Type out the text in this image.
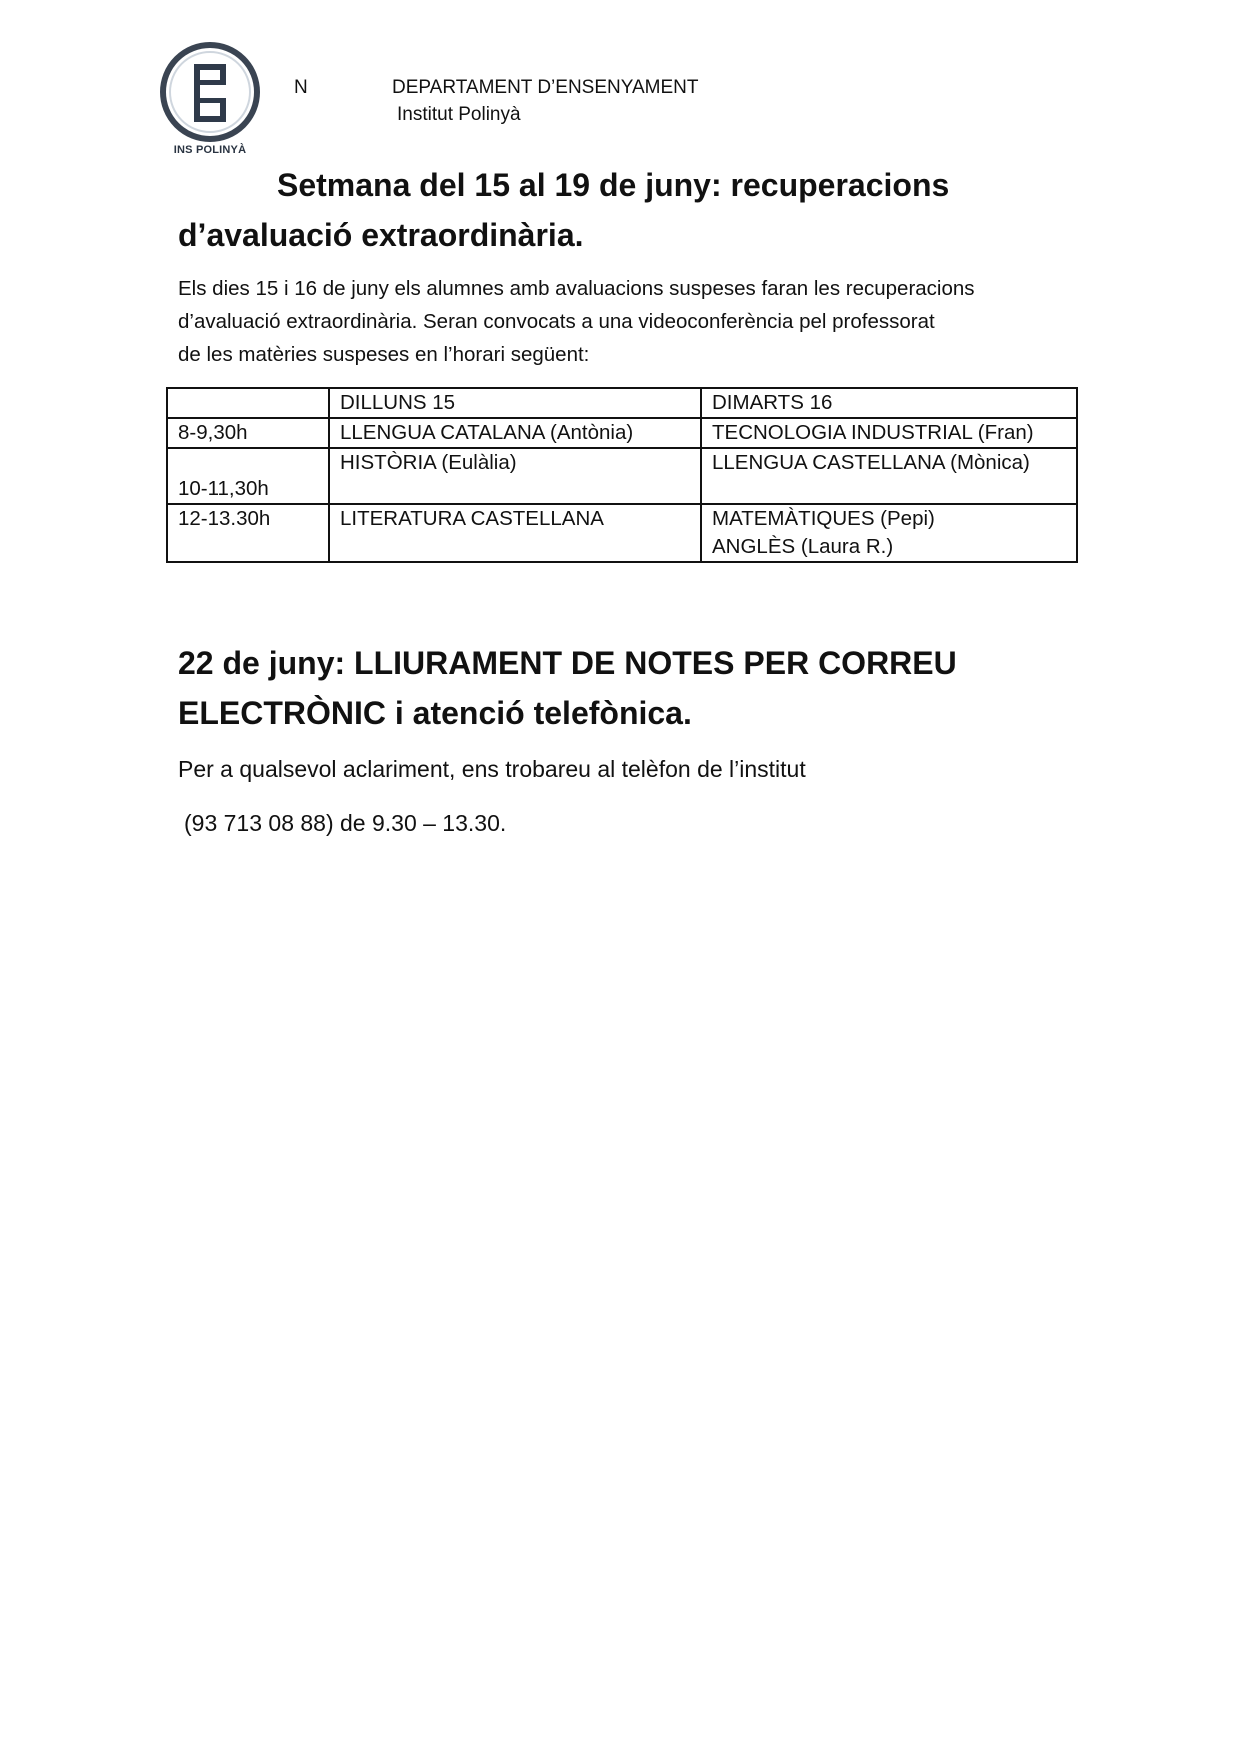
INS POLINYÀ
N	DEPARTAMENT D’ENSENYAMENT
Institut Polinyà
Setmana del 15 al 19 de juny: recuperacions
d’avaluació extraordinària.

Els dies 15 i 16 de juny els alumnes amb avaluacions suspeses faran les recuperacions
d’avaluació extraordinària. Seran convocats a una videoconferència pel professorat
de les matèries suspeses en l’horari següent:

	DILLUNS 15	DIMARTS 16
8-9,30h	LLENGUA CATALANA (Antònia)	TECNOLOGIA INDUSTRIAL (Fran)

10-11,30h	HISTÒRIA (Eulàlia)	LLENGUA CASTELLANA (Mònica)

12-13.30h	LITERATURA CASTELLANA	MATEMÀTIQUES (Pepi)
ANGLÈS (Laura R.)
22 de juny: LLIURAMENT DE NOTES PER CORREU
ELECTRÒNIC i atenció telefònica.
Per a qualsevol aclariment, ens trobareu al telèfon de l’institut
(93 713 08 88) de 9.30 – 13.30.
